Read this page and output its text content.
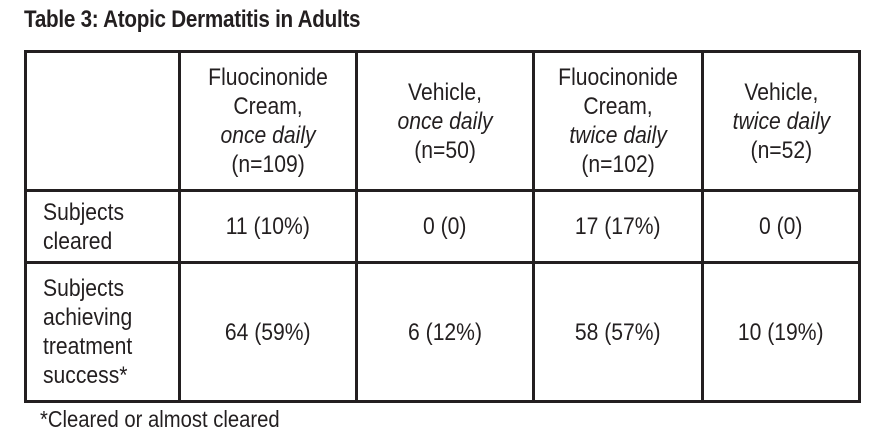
Table 3: Atopic Dermatitis in Adults

	Fluocinonide
Cream,
once daily
(n=109)	Vehicle,
once daily
(n=50)	Fluocinonide
Cream,
twice daily
(n=102)	Vehicle,
twice daily
(n=52)

Subjects
cleared	11 (10%)	0 (0)	17 (17%)	0 (0)

Subjects
achieving
treatment
success*	64 (59%)	6 (12%)	58 (57%)	10 (19%)
*Cleared or almost cleared
